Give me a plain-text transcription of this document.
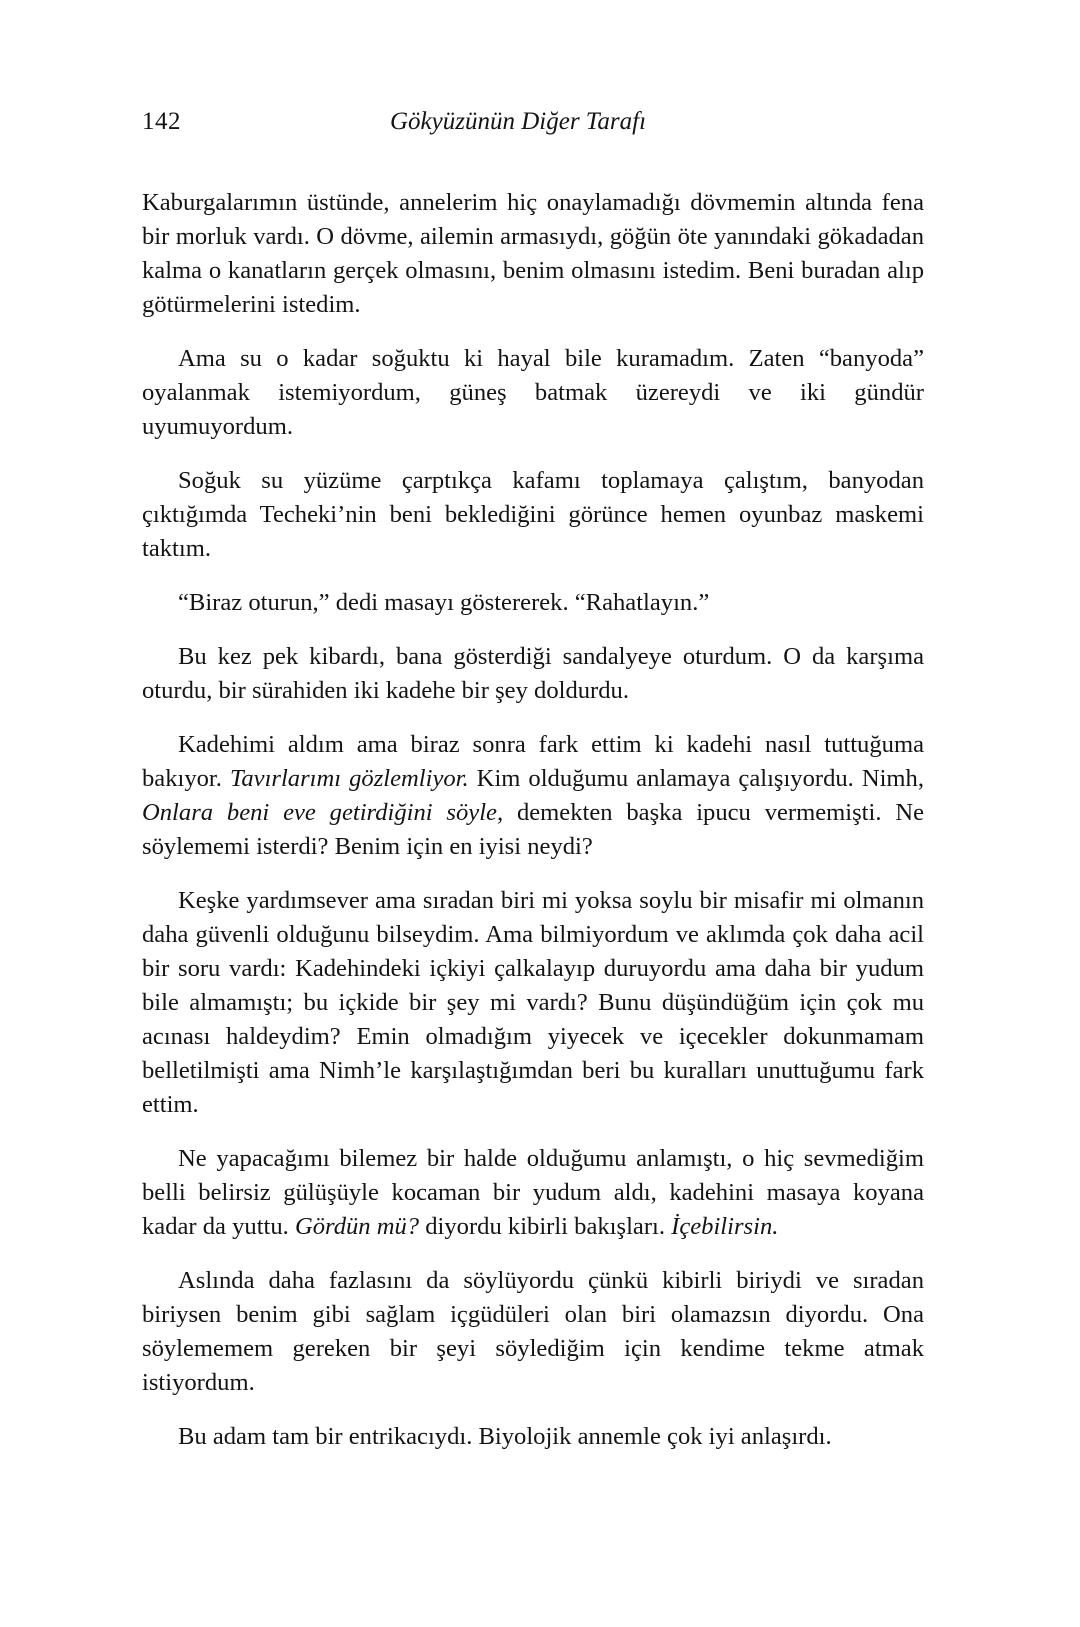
142	Gökyüzünün Diğer Tarafı

Kaburgalarımın üstünde, annelerim hiç onaylamadığı dövmemin altında fena bir morluk vardı. O dövme, ailemin armasıydı, göğün öte yanındaki gökadadan kalma o kanatların gerçek olmasını, benim olmasını istedim. Beni buradan alıp götürmelerini istedim.

Ama su o kadar soğuktu ki hayal bile kuramadım. Zaten “banyoda” oyalanmak istemiyordum, güneş batmak üzereydi ve iki gündür uyumuyordum.

Soğuk su yüzüme çarptıkça kafamı toplamaya çalıştım, banyodan çıktığımda Techeki’nin beni beklediğini görünce hemen oyunbaz maskemi taktım.

“Biraz oturun,” dedi masayı göstererek. “Rahatlayın.”

Bu kez pek kibardı, bana gösterdiği sandalyeye oturdum. O da karşıma oturdu, bir sürahiden iki kadehe bir şey doldurdu.

Kadehimi aldım ama biraz sonra fark ettim ki kadehi nasıl tuttuğuma bakıyor. Tavırlarımı gözlemliyor. Kim olduğumu anlamaya çalışıyordu. Nimh, Onlara beni eve getirdiğini söyle, demekten başka ipucu vermemişti. Ne söylememi isterdi? Benim için en iyisi neydi?

Keşke yardımsever ama sıradan biri mi yoksa soylu bir misafir mi olmanın daha güvenli olduğunu bilseydim. Ama bilmiyordum ve aklımda çok daha acil bir soru vardı: Kadehindeki içkiyi çalkalayıp duruyordu ama daha bir yudum bile almamıştı; bu içkide bir şey mi vardı? Bunu düşündüğüm için çok mu acınası haldeydim? Emin olmadığım yiyecek ve içecekler dokunmamam belletilmişti ama Nimh’le karşılaştığımdan beri bu kuralları unuttuğumu fark ettim.

Ne yapacağımı bilemez bir halde olduğumu anlamıştı, o hiç sevmediğim belli belirsiz gülüşüyle kocaman bir yudum aldı, kadehini masaya koyana kadar da yuttu. Gördün mü? diyordu kibirli bakışları. İçebilirsin.

Aslında daha fazlasını da söylüyordu çünkü kibirli biriydi ve sıradan biriysen benim gibi sağlam içgüdüleri olan biri olamazsın diyordu. Ona söylememem gereken bir şeyi söylediğim için kendime tekme atmak istiyordum.

Bu adam tam bir entrikacıydı. Biyolojik annemle çok iyi anlaşırdı.
